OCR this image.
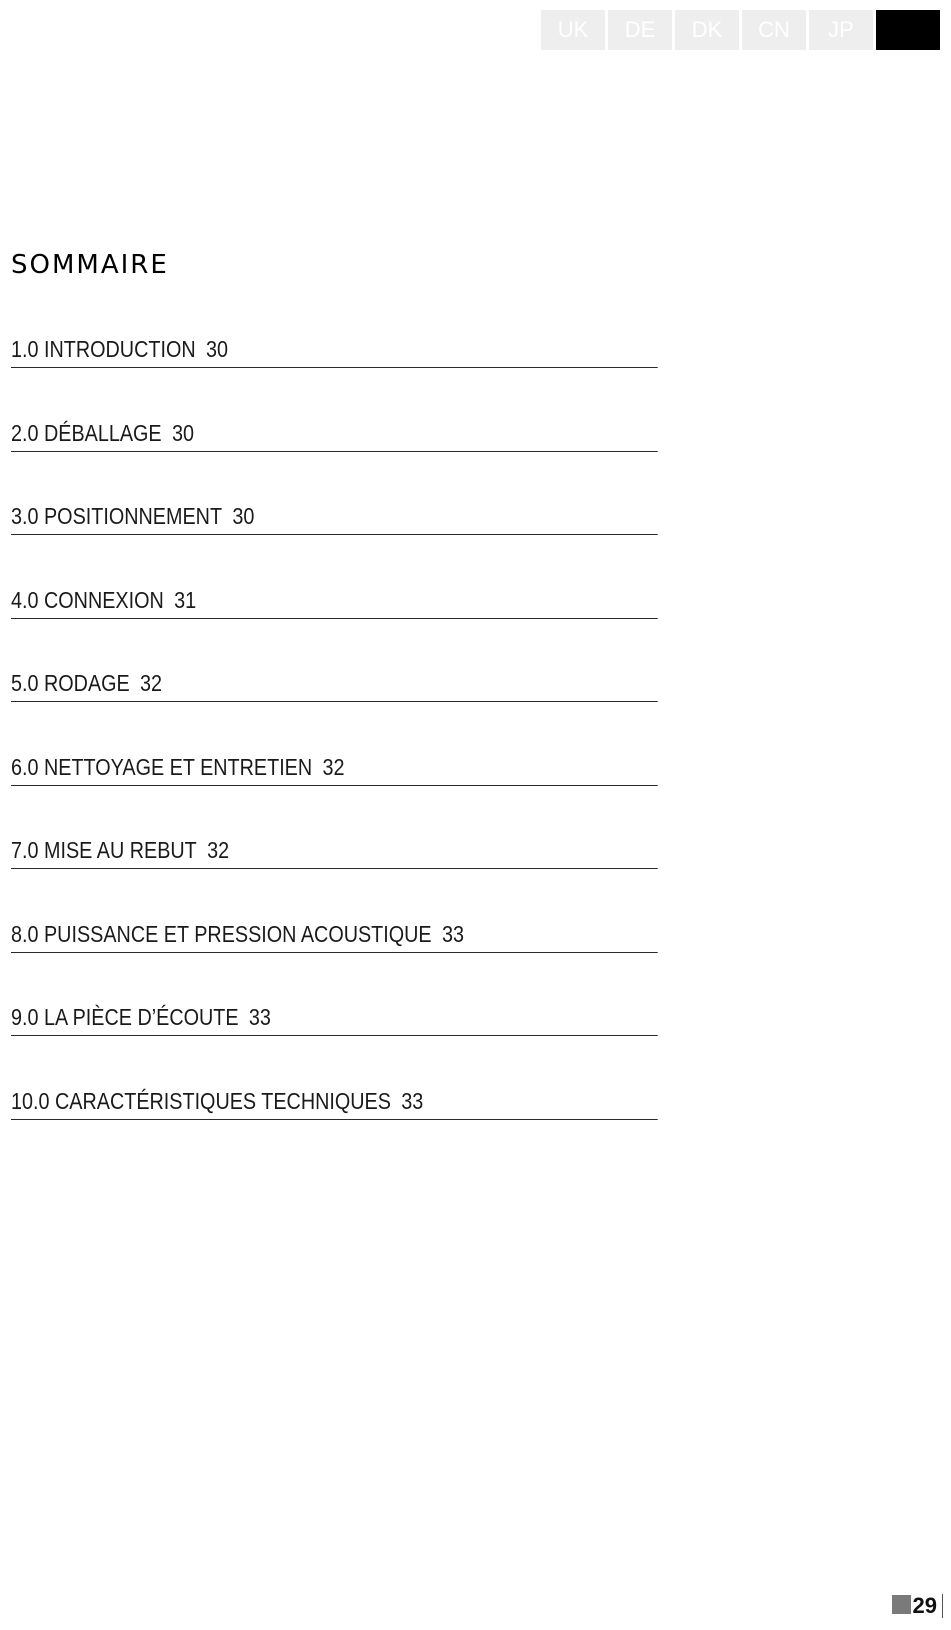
UK DE DK CN JP FR
SOMMAIRE
1.0 INTRODUCTION 30
2.0 DÉBALLAGE 30
3.0 POSITIONNEMENT 30
4.0 CONNEXION 31
5.0 RODAGE 32
6.0 NETTOYAGE ET ENTRETIEN 32
7.0 MISE AU REBUT 32
8.0 PUISSANCE ET PRESSION ACOUSTIQUE 33
9.0 LA PIÈCE D’ÉCOUTE 33
10.0 CARACTÉRISTIQUES TECHNIQUES 33
29
